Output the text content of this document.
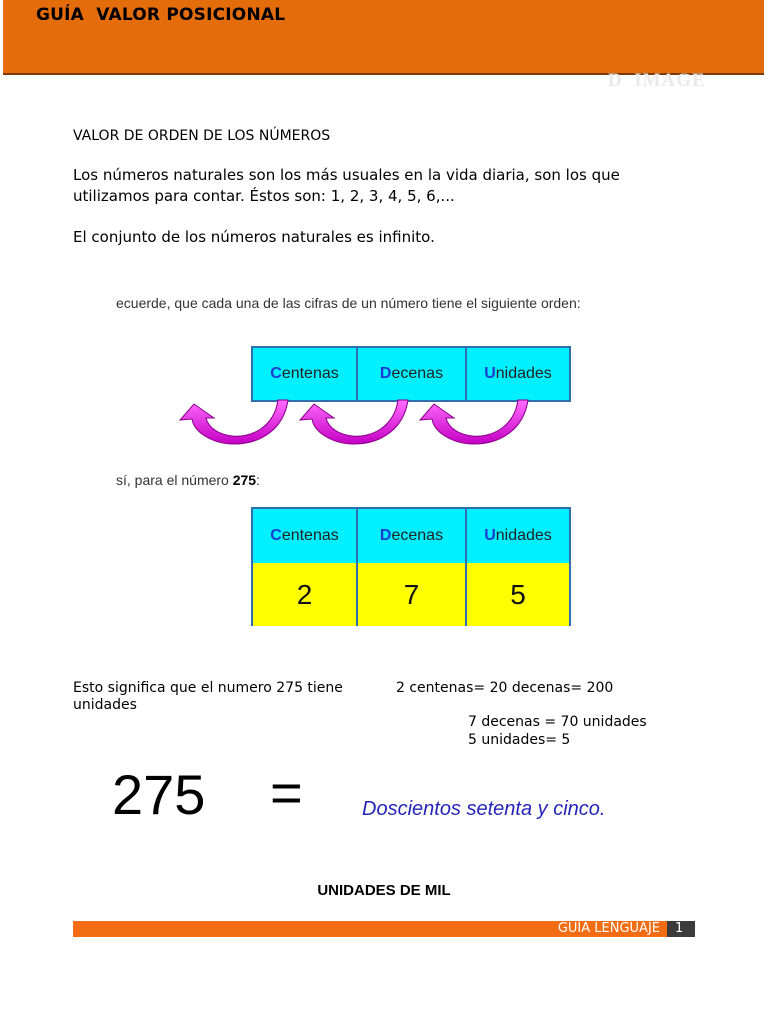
GUÍA  VALOR POSICIONAL
D  IMAGE
VALOR DE ORDEN DE LOS NÚMEROS
Los números naturales son los más usuales en la vida diaria, son los que utilizamos para contar. Éstos son: 1, 2, 3, 4, 5, 6,...
El conjunto de los números naturales es infinito.
ecuerde, que cada una de las cifras de un número tiene el siguiente orden:
C entenas	D ecenas	U nidades
sí, para el número 275:
C entenas	D ecenas	U nidades
2	7	5
Esto significa que el numero 275 tiene	2 centenas= 20 decenas= 200
unidades
7 decenas = 70 unidades
5 unidades= 5
275 =	Doscientos setenta y cinco.
UNIDADES DE MIL
GUÍA LENGUAJE	1
